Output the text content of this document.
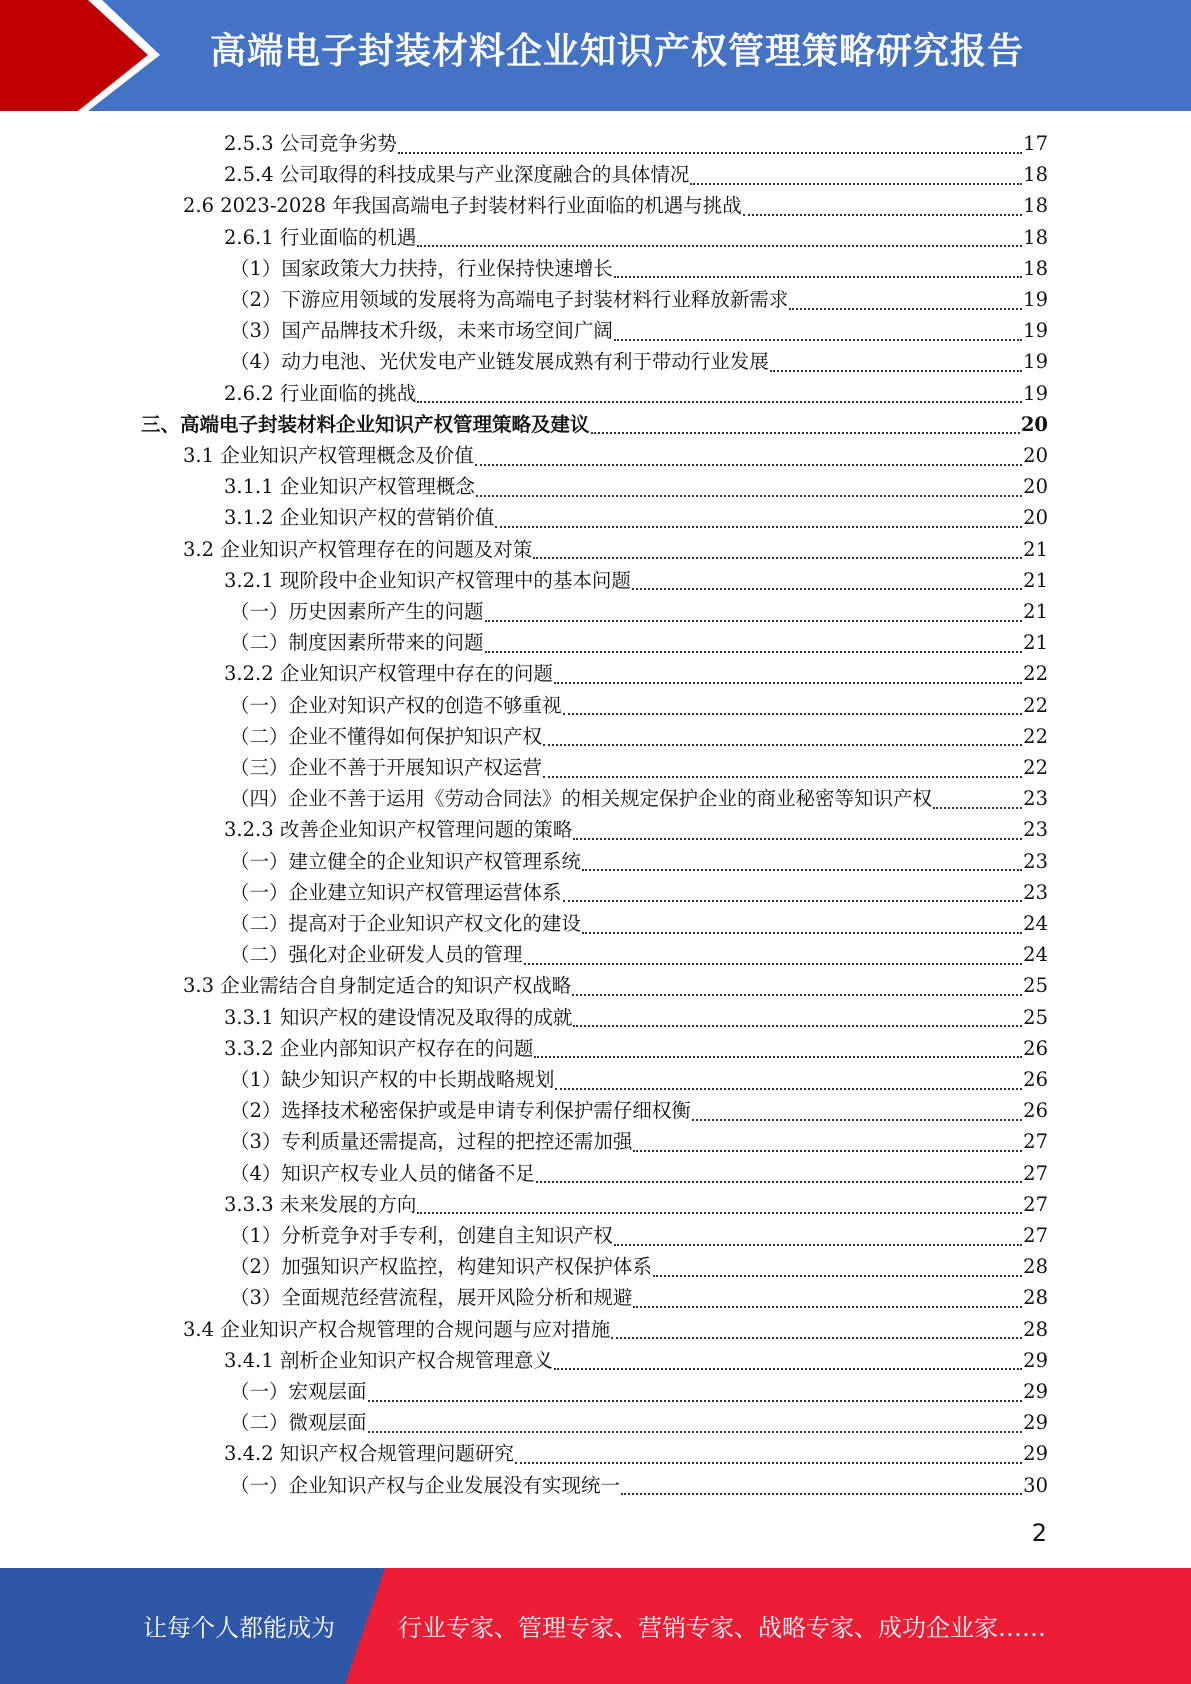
高端电子封装材料企业知识产权管理策略研究报告
2.5.3 公司竞争劣势	17
2.5.4 公司取得的科技成果与产业深度融合的具体情况	18
2.6 2023-2028 年我国高端电子封装材料行业面临的机遇与挑战	18
2.6.1 行业面临的机遇	18
（1）国家政策大力扶持，行业保持快速增长	18
（2）下游应用领域的发展将为高端电子封装材料行业释放新需求	19
（3）国产品牌技术升级，未来市场空间广阔	19
（4）动力电池、光伏发电产业链发展成熟有利于带动行业发展	19
2.6.2 行业面临的挑战	19
三、高端电子封装材料企业知识产权管理策略及建议	20
3.1 企业知识产权管理概念及价值	20
3.1.1 企业知识产权管理概念	20
3.1.2 企业知识产权的营销价值	20
3.2 企业知识产权管理存在的问题及对策	21
3.2.1 现阶段中企业知识产权管理中的基本问题	21
（一）历史因素所产生的问题	21
（二）制度因素所带来的问题	21
3.2.2 企业知识产权管理中存在的问题	22
（一）企业对知识产权的创造不够重视	22
（二）企业不懂得如何保护知识产权	22
（三）企业不善于开展知识产权运营	22
（四）企业不善于运用《劳动合同法》的相关规定保护企业的商业秘密等知识产权	23
3.2.3 改善企业知识产权管理问题的策略	23
（一）建立健全的企业知识产权管理系统	23
（一）企业建立知识产权管理运营体系	23
（二）提高对于企业知识产权文化的建设	24
（二）强化对企业研发人员的管理	24
3.3 企业需结合自身制定适合的知识产权战略	25
3.3.1 知识产权的建设情况及取得的成就	25
3.3.2 企业内部知识产权存在的问题	26
（1）缺少知识产权的中长期战略规划	26
（2）选择技术秘密保护或是申请专利保护需仔细权衡	26
（3）专利质量还需提高，过程的把控还需加强	27
（4）知识产权专业人员的储备不足	27
3.3.3 未来发展的方向	27
（1）分析竞争对手专利，创建自主知识产权	27
（2）加强知识产权监控，构建知识产权保护体系	28
（3）全面规范经营流程，展开风险分析和规避	28
3.4 企业知识产权合规管理的合规问题与应对措施	28
3.4.1 剖析企业知识产权合规管理意义	29
（一）宏观层面	29
（二）微观层面	29
3.4.2 知识产权合规管理问题研究	29
（一）企业知识产权与企业发展没有实现统一	30
2
让每个人都能成为	行业专家、管理专家、营销专家、战略专家、成功企业家……
